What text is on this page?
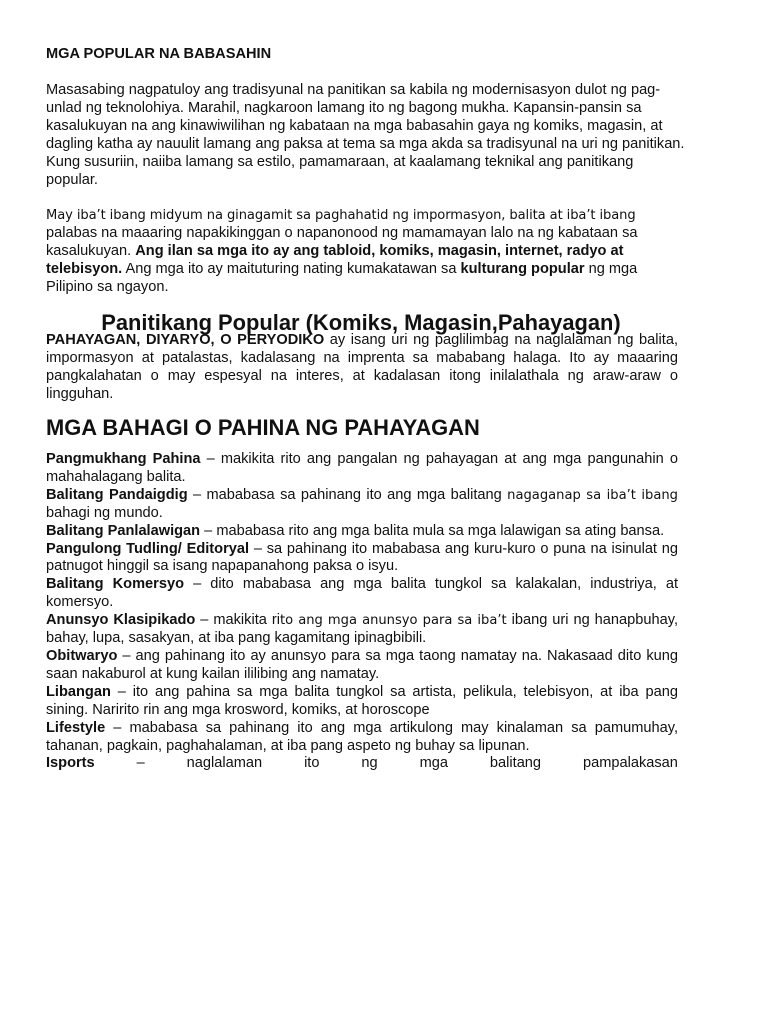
MGA POPULAR NA BABASAHIN

Masasabing nagpatuloy ang tradisyunal na panitikan sa kabila ng modernisasyon dulot ng pag-unlad ng teknolohiya. Marahil, nagkaroon lamang ito ng bagong mukha. Kapansin-pansin sa kasalukuyan na ang kinawiwilihan ng kabataan na mga babasahin gaya ng komiks, magasin, at dagling katha ay nauulit lamang ang paksa at tema sa mga akda sa tradisyunal na uri ng panitikan. Kung susuriin, naiiba lamang sa estilo, pamamaraan, at kaalamang teknikal ang panitikang popular.

May iba’t ibang midyum na ginagamit sa paghahatid ng impormasyon, balita at iba’t ibang
palabas na maaaring napakikinggan o napanonood ng mamamayan lalo na ng kabataan sa kasalukuyan. Ang ilan sa mga ito ay ang tabloid, komiks, magasin, internet, radyo at telebisyon. Ang mga ito ay maituturing nating kumakatawan sa kulturang popular ng mga Pilipino sa ngayon.

Panitikang Popular (Komiks, Magasin,Pahayagan)

PAHAYAGAN, DIYARYO, O PERYODIKO ay isang uri ng paglilimbag na naglalaman ng balita, impormasyon at patalastas, kadalasang na imprenta sa mababang halaga. Ito ay maaaring pangkalahatan o may espesyal na interes, at kadalasan itong inilalathala ng araw-araw o lingguhan.

MGA BAHAGI O PAHINA NG PAHAYAGAN
Pangmukhang Pahina – makikita rito ang pangalan ng pahayagan at ang mga pangunahin o mahahalagang balita.
Balitang Pandaigdig – mababasa sa pahinang ito ang mga balitang nagaganap sa iba’t ibang bahagi ng mundo.
Balitang Panlalawigan – mababasa rito ang mga balita mula sa mga lalawigan sa ating bansa.
Pangulong Tudling/ Editoryal – sa pahinang ito mababasa ang kuru-kuro o puna na isinulat ng patnugot hinggil sa isang napapanahong paksa o isyu.
Balitang Komersyo – dito mababasa ang mga balita tungkol sa kalakalan, industriya, at komersyo.
Anunsyo Klasipikado – makikita rito ang mga anunsyo para sa iba’t ibang uri ng hanapbuhay, bahay, lupa, sasakyan, at iba pang kagamitang ipinagbibili.
Obitwaryo – ang pahinang ito ay anunsyo para sa mga taong namatay na. Nakasaad dito kung saan nakaburol at kung kailan ililibing ang namatay.
Libangan – ito ang pahina sa mga balita tungkol sa artista, pelikula, telebisyon, at iba pang sining. Naririto rin ang mga krosword, komiks, at horoscope
Lifestyle – mababasa sa pahinang ito ang mga artikulong may kinalaman sa pamumuhay, tahanan, pagkain, paghahalaman, at iba pang aspeto ng buhay sa lipunan.
Isports	–	naglalaman	ito	ng	mga	balitang	pampalakasan
